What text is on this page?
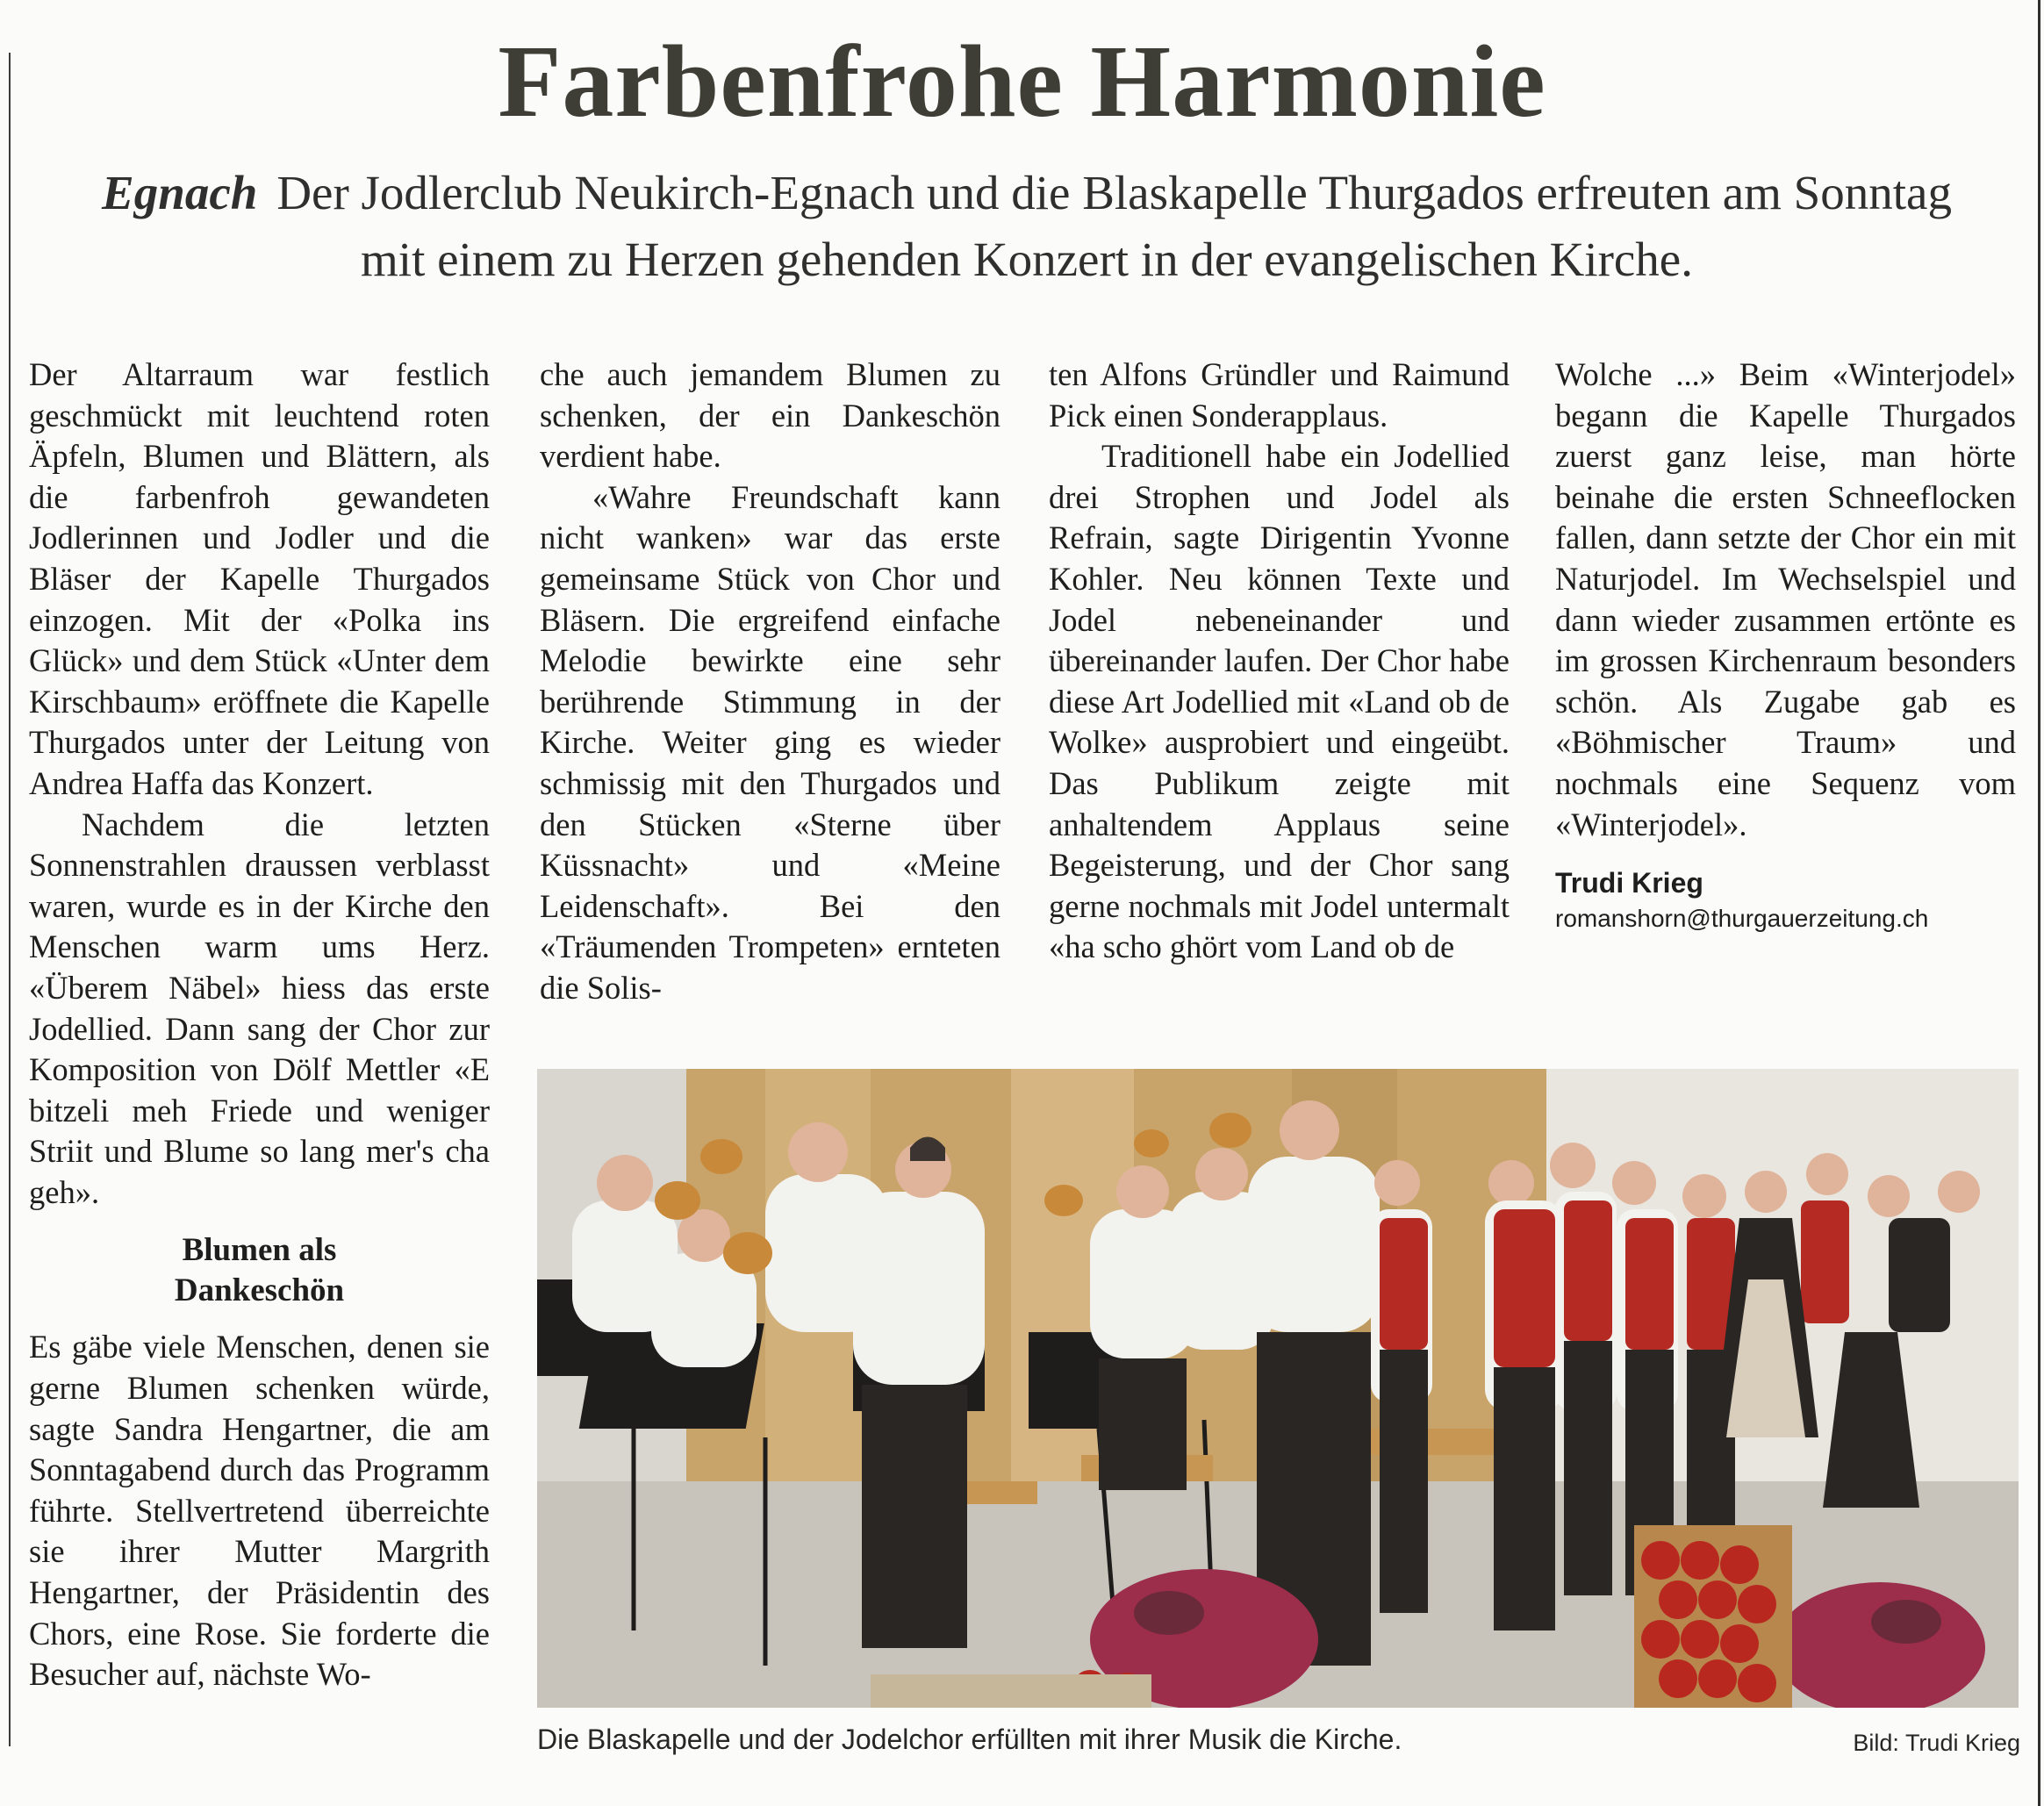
Farbenfrohe Harmonie
Egnach Der Jodlerclub Neukirch-Egnach und die Blaskapelle Thurgados erfreuten am Sonntag mit einem zu Herzen gehenden Konzert in der evangelischen Kirche.

Der Altarraum war festlich geschmückt mit leuchtend roten Äpfeln, Blumen und Blättern, als die farbenfroh gewandeten Jodlerinnen und Jodler und die Bläser der Kapelle Thurgados einzogen. Mit der «Polka ins Glück» und dem Stück «Unter dem Kirschbaum» eröffnete die Kapelle Thurgados unter der Leitung von Andrea Haffa das Konzert.

Nachdem die letzten Sonnenstrahlen draussen verblasst waren, wurde es in der Kirche den Menschen warm ums Herz. «Überem Näbel» hiess das erste Jodellied. Dann sang der Chor zur Komposition von Dölf Mettler «E bitzeli meh Friede und weniger Striit und Blume so lang mer's cha geh».

Blumen als
Dankeschön

Es gäbe viele Menschen, denen sie gerne Blumen schenken würde, sagte Sandra Hengartner, die am Sonntagabend durch das Programm führte. Stellvertretend überreichte sie ihrer Mutter Margrith Hengartner, der Präsidentin des Chors, eine Rose. Sie forderte die Besucher auf, nächste Wo-

che auch jemandem Blumen zu schenken, der ein Dankeschön verdient habe.

«Wahre Freundschaft kann nicht wanken» war das erste gemeinsame Stück von Chor und Bläsern. Die ergreifend einfache Melodie bewirkte eine sehr berührende Stimmung in der Kirche. Weiter ging es wieder schmissig mit den Thurgados und den Stücken «Sterne über Küssnacht» und «Meine Leidenschaft». Bei den «Träumenden Trompeten» ernteten die Solis-

ten Alfons Gründler und Raimund Pick einen Sonderapplaus.

Traditionell habe ein Jodellied drei Strophen und Jodel als Refrain, sagte Dirigentin Yvonne Kohler. Neu können Texte und Jodel nebeneinander und übereinander laufen. Der Chor habe diese Art Jodellied mit «Land ob de Wolke» ausprobiert und eingeübt. Das Publikum zeigte mit anhaltendem Applaus seine Begeisterung, und der Chor sang gerne nochmals mit Jodel untermalt «ha scho ghört vom Land ob de

Wolche ...» Beim «Winterjodel» begann die Kapelle Thurgados zuerst ganz leise, man hörte beinahe die ersten Schneeflocken fallen, dann setzte der Chor ein mit Naturjodel. Im Wechselspiel und dann wieder zusammen ertönte es im grossen Kirchenraum besonders schön. Als Zugabe gab es «Böhmischer Traum» und nochmals eine Sequenz vom «Winterjodel».

Trudi Krieg
romanshorn@thurgauerzeitung.ch
Die Blaskapelle und der Jodelchor erfüllten mit ihrer Musik die Kirche.	Bild: Trudi Krieg
